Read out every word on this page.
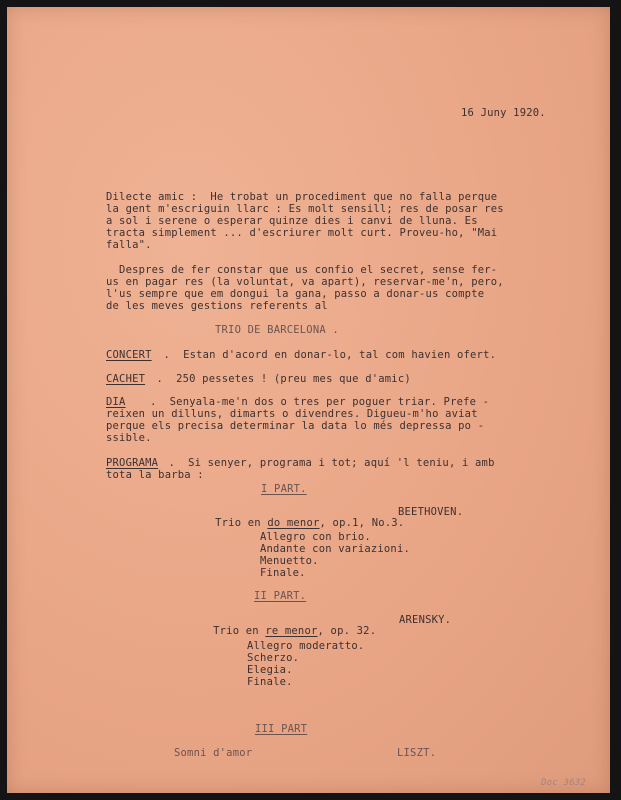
16 Juny 1920.
Dilecte amic :  He trobat un procediment que no falla perque
la gent m'escriguin llarc : Es molt sensill; res de posar res
a sol i serene o esperar quinze dies i canvi de lluna. Es
tracta simplement ... d'escriurer molt curt. Proveu-ho, "Mai
falla".
Despres de fer constar que us confio el secret, sense fer-
us en pagar res (la voluntat, va apart), reservar-me'n, pero,
l'us sempre que em dongui la gana, passo a donar-us compte
de les meves gestions referents al
TRIO DE BARCELONA .
CONCERT .  Estan d'acord en donar-lo, tal com havien ofert.
CACHET .  250 pessetes ! (preu mes que d'amic)
DIA
.  Senyala-me'n dos o tres per poguer triar. Prefe -
reixen un dilluns, dimarts o divendres. Digueu-m'ho aviat
perque els precisa determinar la data lo més depressa po -
ssible.
PROGRAMA .  Si senyer, programa i tot; aquí 'l teniu, i amb
tota la barba :
I PART.

Trio en do menor, op.1, No.3.

BEETHOVEN.
Allegro con brio.
Andante con variazioni.
Menuetto.
Finale.
II PART.

Trio en re menor, op. 32.

ARENSKY.
Allegro moderatto.
Scherzo.
Elegia.
Finale.
III PART
Somni d'amor	LISZT.
Doc 3632
